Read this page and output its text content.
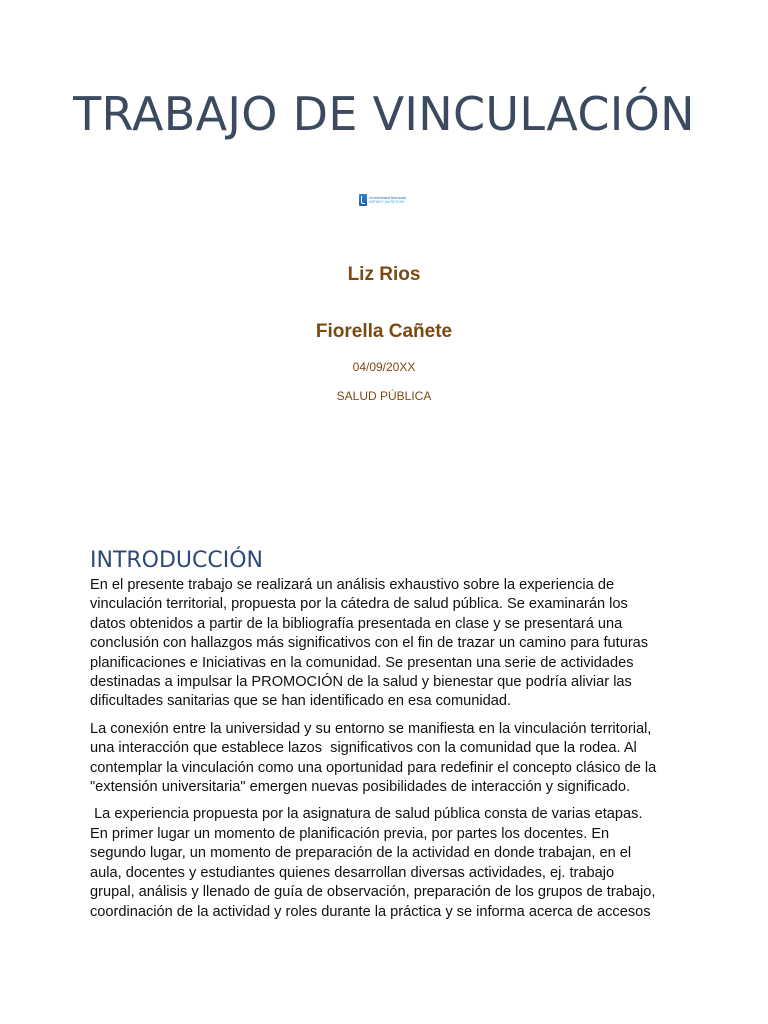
TRABAJO DE VINCULACIÓN
Universidad Nacional
ARTURO JAURETCHE

Liz Rios

Fiorella Cañete

04/09/20XX

SALUD PÚBLICA

INTRODUCCIÓN

En el presente trabajo se realizará un análisis exhaustivo sobre la experiencia de
vinculación territorial, propuesta por la cátedra de salud pública. Se examinarán los
datos obtenidos a partir de la bibliografía presentada en clase y se presentará una
conclusión con hallazgos más significativos con el fin de trazar un camino para futuras
planificaciones e Iniciativas en la comunidad. Se presentan una serie de actividades
destinadas a impulsar la PROMOCIÓN de la salud y bienestar que podría aliviar las
dificultades sanitarias que se han identificado en esa comunidad.

La conexión entre la universidad y su entorno se manifiesta en la vinculación territorial,
una interacción que establece lazos  significativos con la comunidad que la rodea. Al
contemplar la vinculación como una oportunidad para redefinir el concepto clásico de la
"extensión universitaria" emergen nuevas posibilidades de interacción y significado.

La experiencia propuesta por la asignatura de salud pública consta de varias etapas.
En primer lugar un momento de planificación previa, por partes los docentes. En
segundo lugar, un momento de preparación de la actividad en donde trabajan, en el
aula, docentes y estudiantes quienes desarrollan diversas actividades, ej. trabajo
grupal, análisis y llenado de guía de observación, preparación de los grupos de trabajo,
coordinación de la actividad y roles durante la práctica y se informa acerca de accesos
